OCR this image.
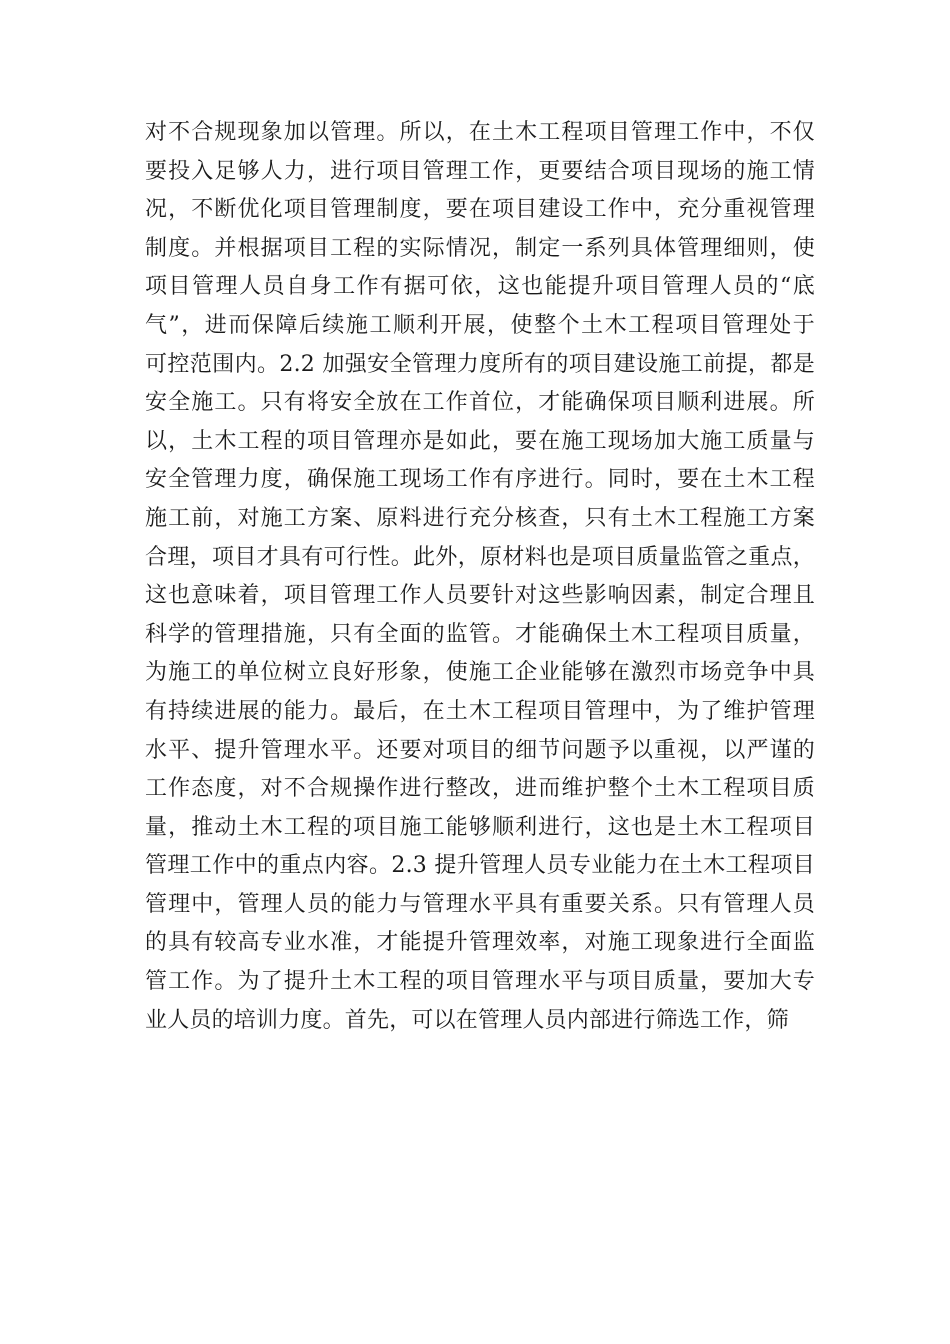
对不合规现象加以管理。所以，在土木工程项目管理工作中，不仅
要投入足够人力，进行项目管理工作，更要结合项目现场的施工情
况，不断优化项目管理制度，要在项目建设工作中，充分重视管理
制度。并根据项目工程的实际情况，制定一系列具体管理细则，使
项目管理人员自身工作有据可依，这也能提升项目管理人员的“底
气”，进而保障后续施工顺利开展，使整个土木工程项目管理处于
可控范围内。2.2 加强安全管理力度所有的项目建设施工前提，都是
安全施工。只有将安全放在工作首位，才能确保项目顺利进展。所
以，土木工程的项目管理亦是如此，要在施工现场加大施工质量与
安全管理力度，确保施工现场工作有序进行。同时，要在土木工程
施工前，对施工方案、原料进行充分核查，只有土木工程施工方案
合理，项目才具有可行性。此外，原材料也是项目质量监管之重点，
这也意味着，项目管理工作人员要针对这些影响因素，制定合理且
科学的管理措施，只有全面的监管。才能确保土木工程项目质量，
为施工的单位树立良好形象，使施工企业能够在激烈市场竞争中具
有持续进展的能力。最后，在土木工程项目管理中，为了维护管理
水平、提升管理水平。还要对项目的细节问题予以重视，以严谨的
工作态度，对不合规操作进行整改，进而维护整个土木工程项目质
量，推动土木工程的项目施工能够顺利进行，这也是土木工程项目
管理工作中的重点内容。2.3 提升管理人员专业能力在土木工程项目
管理中，管理人员的能力与管理水平具有重要关系。只有管理人员
的具有较高专业水准，才能提升管理效率，对施工现象进行全面监
管工作。为了提升土木工程的项目管理水平与项目质量，要加大专
业人员的培训力度。首先，可以在管理人员内部进行筛选工作，筛
